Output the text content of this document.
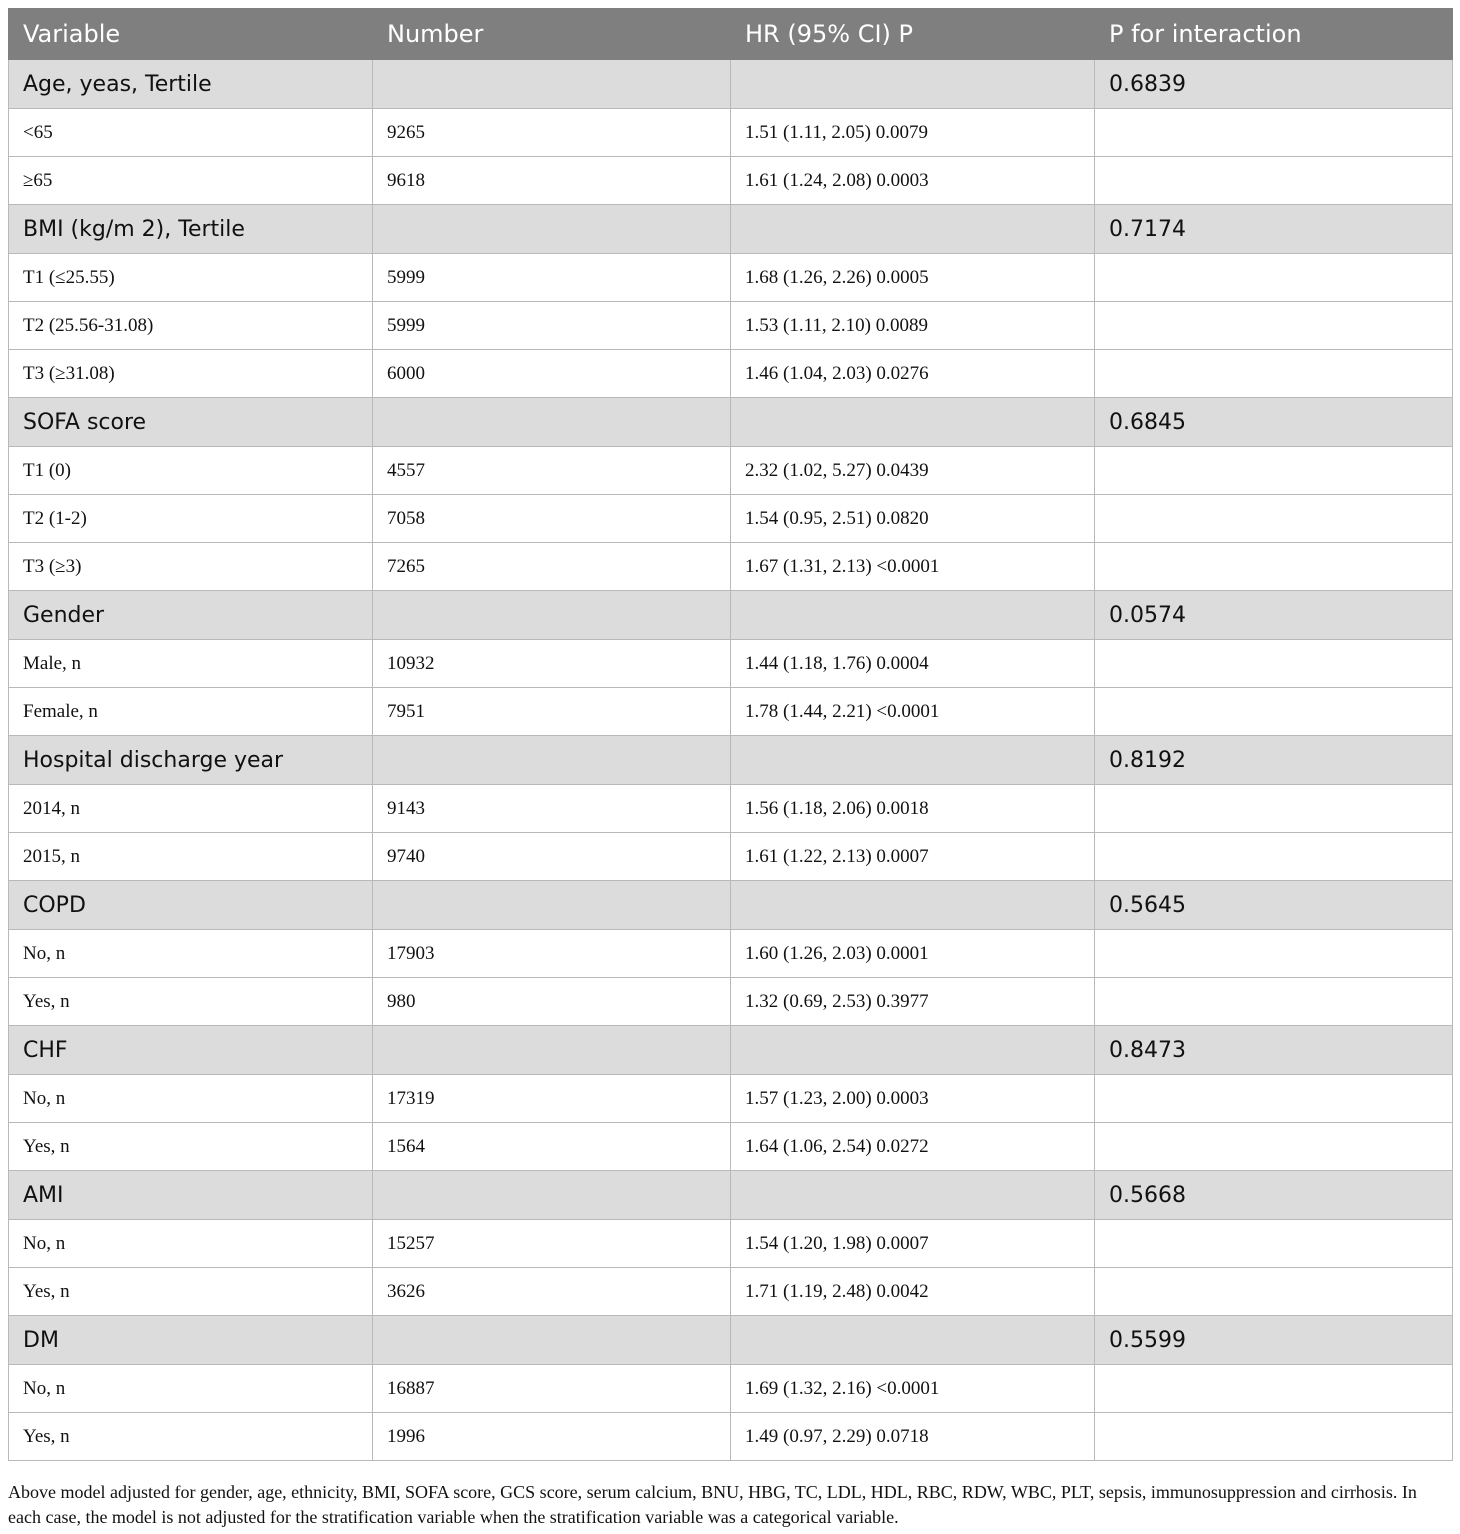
Variable	Number	HR (95% CI) P	P for interaction
Age, yeas, Tertile			0.6839
<65	9265	1.51 (1.11, 2.05) 0.0079	
≥65	9618	1.61 (1.24, 2.08) 0.0003	
BMI (kg/m 2), Tertile			0.7174
T1 (≤25.55)	5999	1.68 (1.26, 2.26) 0.0005	
T2 (25.56-31.08)	5999	1.53 (1.11, 2.10) 0.0089	
T3 (≥31.08)	6000	1.46 (1.04, 2.03) 0.0276	
SOFA score			0.6845
T1 (0)	4557	2.32 (1.02, 5.27) 0.0439	
T2 (1-2)	7058	1.54 (0.95, 2.51) 0.0820	
T3 (≥3)	7265	1.67 (1.31, 2.13) <0.0001	
Gender			0.0574
Male, n	10932	1.44 (1.18, 1.76) 0.0004	
Female, n	7951	1.78 (1.44, 2.21) <0.0001	
Hospital discharge year			0.8192
2014, n	9143	1.56 (1.18, 2.06) 0.0018	
2015, n	9740	1.61 (1.22, 2.13) 0.0007	
COPD			0.5645
No, n	17903	1.60 (1.26, 2.03) 0.0001	
Yes, n	980	1.32 (0.69, 2.53) 0.3977	
CHF			0.8473
No, n	17319	1.57 (1.23, 2.00) 0.0003	
Yes, n	1564	1.64 (1.06, 2.54) 0.0272	
AMI			0.5668
No, n	15257	1.54 (1.20, 1.98) 0.0007	
Yes, n	3626	1.71 (1.19, 2.48) 0.0042	
DM			0.5599
No, n	16887	1.69 (1.32, 2.16) <0.0001	
Yes, n	1996	1.49 (0.97, 2.29) 0.0718	
Above model adjusted for gender, age, ethnicity, BMI, SOFA score, GCS score, serum calcium, BNU, HBG, TC, LDL, HDL, RBC, RDW, WBC, PLT, sepsis, immunosuppression and cirrhosis. In each case, the model is not adjusted for the stratification variable when the stratification variable was a categorical variable.
